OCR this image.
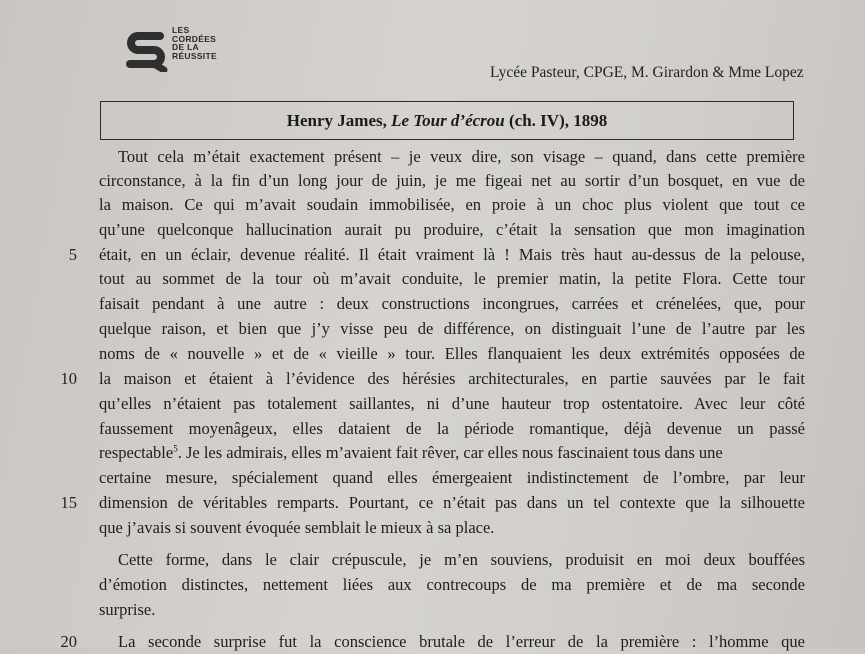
LES
CORDÉES
DE LA
RÉUSSITE
Lycée Pasteur, CPGE, M. Girardon & Mme Lopez
Henry James, Le Tour d’écrou (ch. IV), 1898
Tout cela m’était exactement présent – je veux dire, son visage – quand, dans cette première
circonstance, à la fin d’un long jour de juin, je me figeai net au sortir d’un bosquet, en vue de
la maison. Ce qui m’avait soudain immobilisée, en proie à un choc plus violent que tout ce
qu’une quelconque hallucination aurait pu produire, c’était la sensation que mon imagination
était, en un éclair, devenue réalité. Il était vraiment là ! Mais très haut au-dessus de la pelouse,
tout au sommet de la tour où m’avait conduite, le premier matin, la petite Flora. Cette tour
faisait pendant à une autre : deux constructions incongrues, carrées et crénelées, que, pour
quelque raison, et bien que j’y visse peu de différence, on distinguait l’une de l’autre par les
noms de « nouvelle » et de « vieille » tour. Elles flanquaient les deux extrémités opposées de
la maison et étaient à l’évidence des hérésies architecturales, en partie sauvées par le fait
qu’elles n’étaient pas totalement saillantes, ni d’une hauteur trop ostentatoire. Avec leur côté
faussement moyenâgeux, elles dataient de la période romantique, déjà devenue un passé
respectable$^5$. Je les admirais, elles m’avaient fait rêver, car elles nous fascinaient tous dans une
certaine mesure, spécialement quand elles émergeaient indistinctement de l’ombre, par leur
dimension de véritables remparts. Pourtant, ce n’était pas dans un tel contexte que la silhouette
que j’avais si souvent évoquée semblait le mieux à sa place.
Cette forme, dans le clair crépuscule, je m’en souviens, produisit en moi deux bouffées
d’émotion distinctes, nettement liées aux contrecoups de ma première et de ma seconde
surprise.
La seconde surprise fut la conscience brutale de l’erreur de la première : l’homme que
5
10
15
20
